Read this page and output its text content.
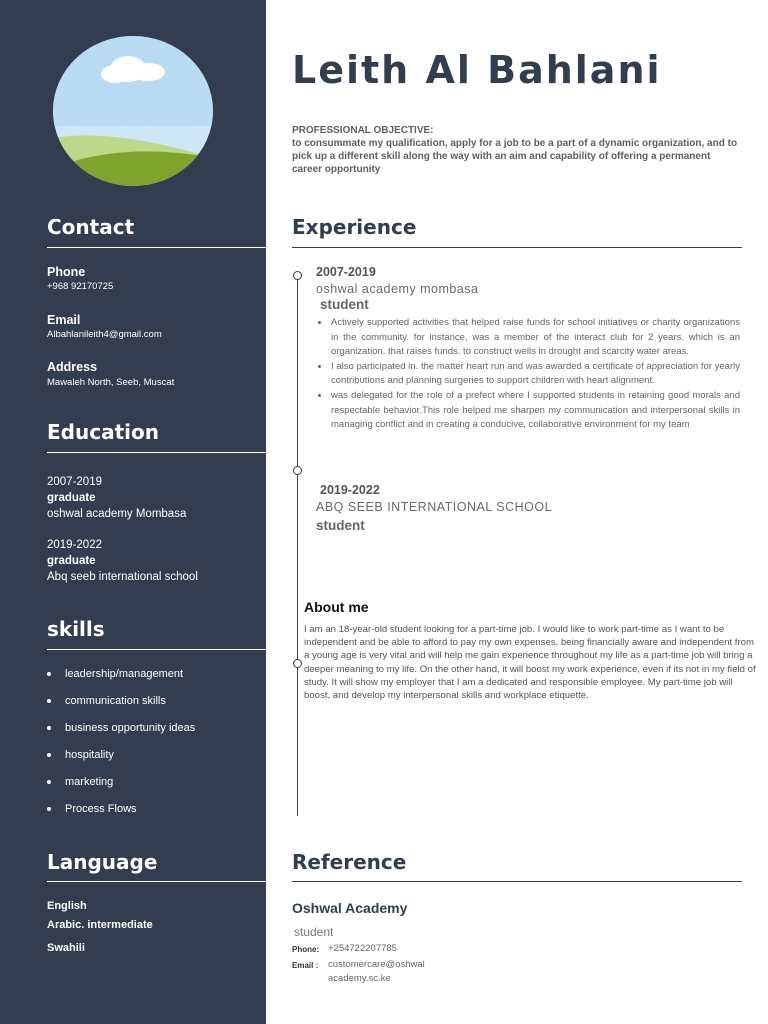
Contact
Phone
+968 92170725
Email
Albahlanileith4@gmail.com
Address
Mawaleh North, Seeb, Muscat
Education
2007-2019
graduate
oshwal academy Mombasa
2019-2022
graduate
Abq seeb international school
skills
leadership/management
communication skills
business opportunity ideas
hospitality
marketing
Process Flows
Language
English
Arabic. intermediate
Swahili
Leith Al Bahlani
PROFESSIONAL OBJECTIVE:
to consummate my qualification, apply for a job to be a part of a dynamic organization, and to pick up a different skill along the way with an aim and capability of offering a permanent career opportunity
Experience
2007-2019
oshwal academy mombasa
student

Actively supported activities that helped raise funds for school initiatives or charity organizations in the community. for instance, was a member of the interact club for 2 years. which is an organization. that raises funds. to construct wells in drought and scarcity water areas.

I also participated in. the matter heart run and was awarded a certificate of appreciation for yearly contributions and planning surgeries to support children with heart alignment.

was delegated for the role of a prefect where I supported students in retaining good morals and respectable behavior.This role helped me sharpen my communication and interpersonal skills in managing conflict and in creating a conducive, collaborative environment for my team

2019-2022
ABQ SEEB INTERNATIONAL SCHOOL
student
About me
I am an 18-year-old student looking for a part-time job. I would like to work part-time as I want to be independent and be able to afford to pay my own expenses. being financially aware and independent from a young age is very vital and will help me gain experience throughout my life as a part-time job will bring a deeper meaning to my life. On the other hand, it will boost my work experience, even if its not in my field of study. It will show my employer that I am a dedicated and responsible employee. My part-time job will boost, and develop my interpersonal skills and workplace etiquette.
Reference
Oshwal Academy
student
Phone: +254722207785
Email : customercare@oshwal
academy.sc.ke
